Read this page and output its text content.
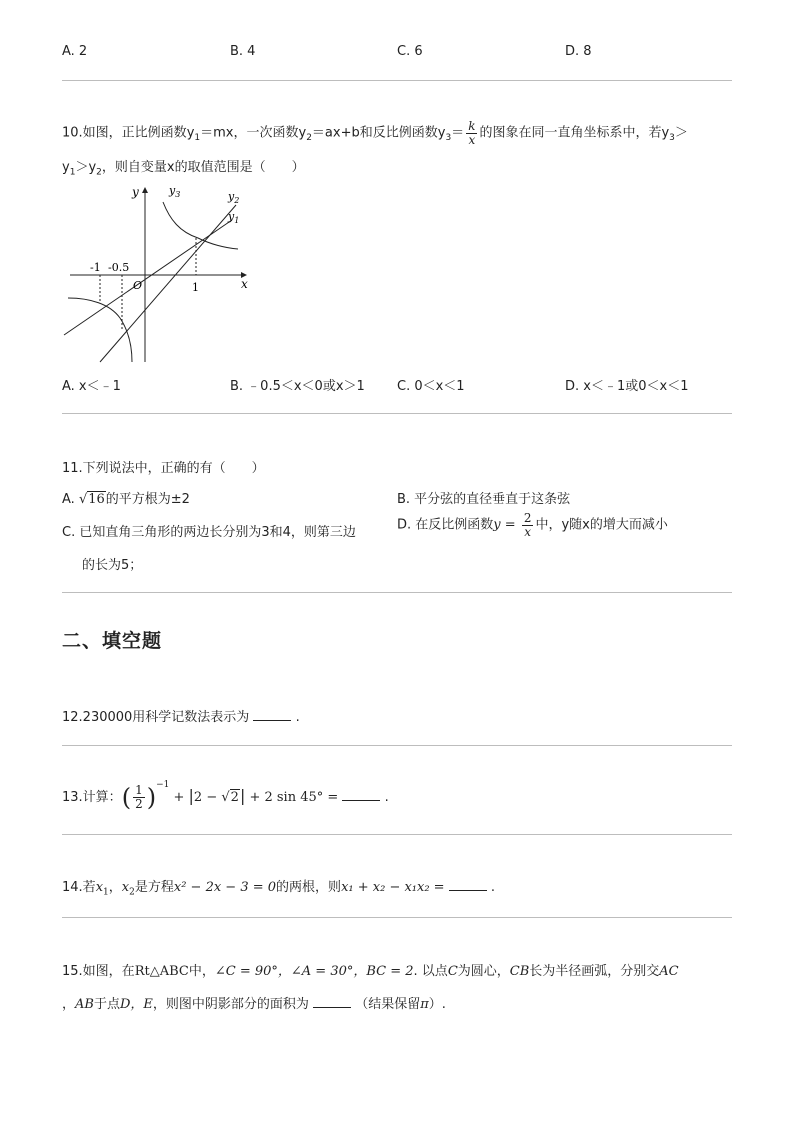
A. 2	B. 4	C. 6	D. 8
10.如图，正比例函数$y_1=mx$，一次函数$y_2=ax+b$和反比例函数$y_3= \frac{k}{x}$ 的图象在同一直角坐标系中，若$y_3>$
$y_1>y_2$，则自变量x的取值范围是（　　）
y
x
O
$y_3$	$y_2$
$y_1$
-1 -0.5
1
A. x＜﹣1	B. ﹣0.5＜x＜0或x＞1 C. 0＜x＜1	D. x＜﹣1或0＜x＜1
11.下列说法中，正确的有（　　）
A. √16的平方根为±2	B. 平分弦的直径垂直于这条弦
C. 已知直角三角形的两边长分别为3和4，则第三边
的长为5；
D. 在反比例函数$y = \frac{2}{x}$ 中，y随x的增大而减小
二、填空题
12.230000用科学记数法表示为	.
13.计算：( $\frac{1}{2} )^{-1} + |2 - √2| + 2$ sin 45° =	.
14.若$x_1$，$x_2$是方程x² − 2x − 3 = 0的两根，则x₁ + x₂ − x₁x₂ =	.
15.如图，在Rt△ABC中，∠C = 90°，∠A = 30°，BC = 2. 以点C为圆心，CB长为半径画弧，分别交AC
，AB于点D，E，则图中阴影部分的面积为	（结果保留π）.
